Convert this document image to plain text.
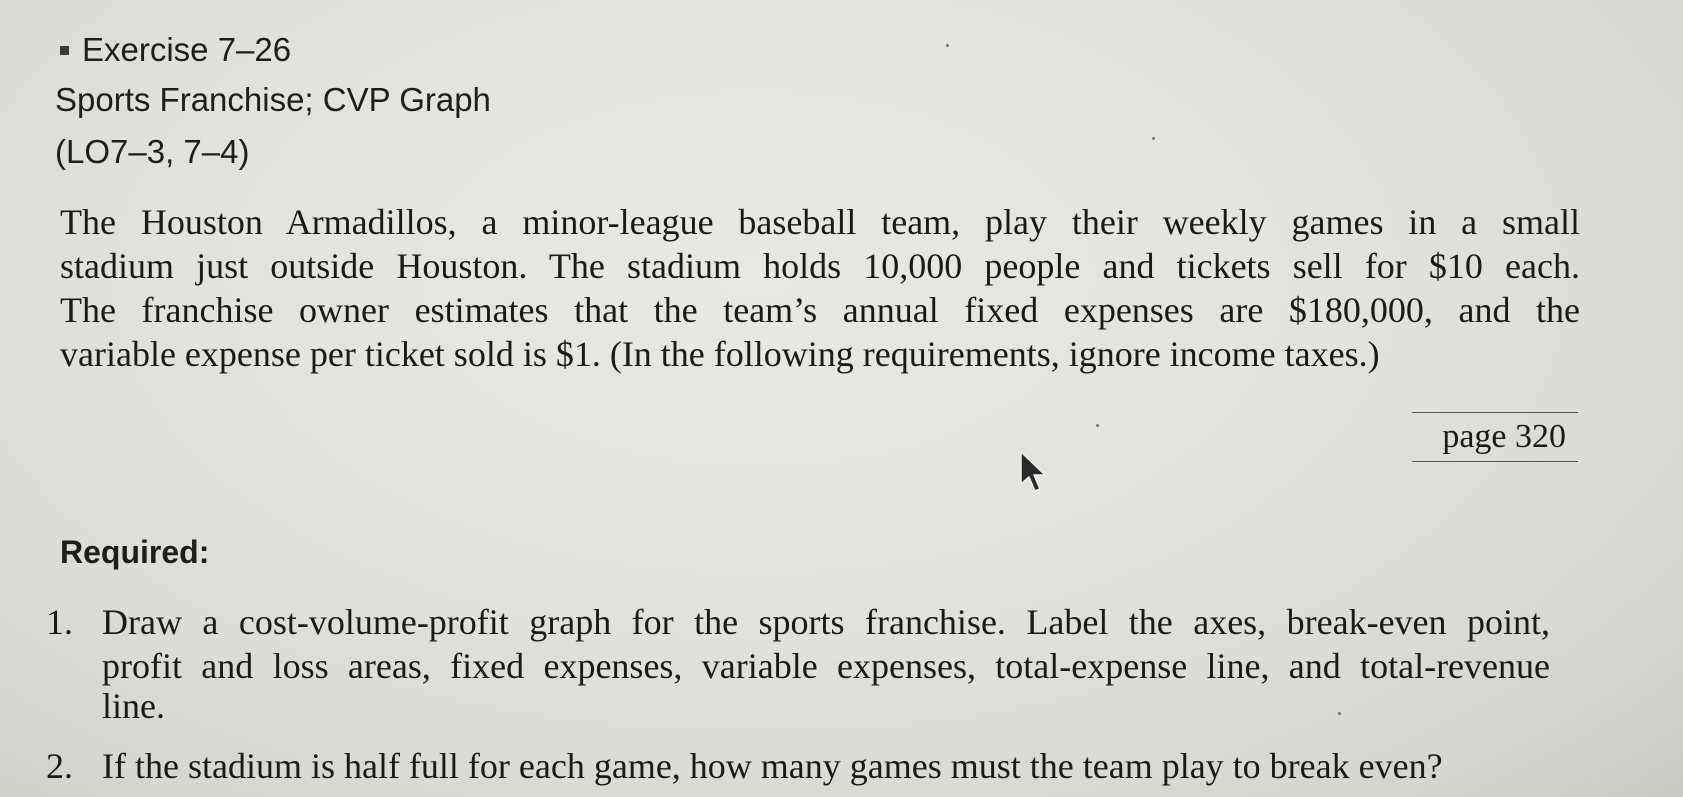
Exercise 7–26
Sports Franchise; CVP Graph
(LO7–3, 7–4)
The Houston Armadillos, a minor-league baseball team, play their weekly games in a small
stadium just outside Houston. The stadium holds 10,000 people and tickets sell for $10 each.
The franchise owner estimates that the team’s annual fixed expenses are $180,000, and the
variable expense per ticket sold is $1. (In the following requirements, ignore income taxes.)
page 320
Required:
1. Draw a cost-volume-profit graph for the sports franchise. Label the axes, break-even point,
profit and loss areas, fixed expenses, variable expenses, total-expense line, and total-revenue
line.
2. If the stadium is half full for each game, how many games must the team play to break even?
